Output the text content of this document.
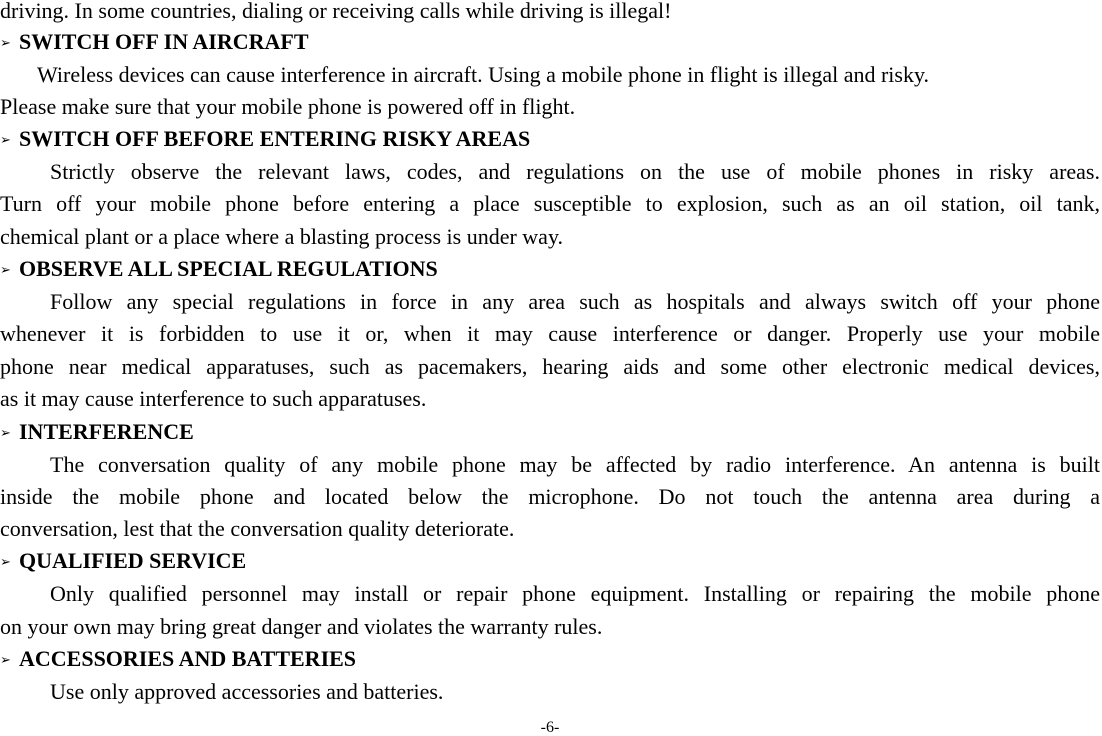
driving. In some countries, dialing or receiving calls while driving is illegal!
➢ SWITCH OFF IN AIRCRAFT
Wireless devices can cause interference in aircraft. Using a mobile phone in flight is illegal and risky.
Please make sure that your mobile phone is powered off in flight.
➢ SWITCH OFF BEFORE ENTERING RISKY AREAS
Strictly observe the relevant laws, codes, and regulations on the use of mobile phones in risky areas.
Turn off your mobile phone before entering a place susceptible to explosion, such as an oil station, oil tank,
chemical plant or a place where a blasting process is under way.
➢ OBSERVE ALL SPECIAL REGULATIONS
Follow any special regulations in force in any area such as hospitals and always switch off your phone
whenever it is forbidden to use it or, when it may cause interference or danger. Properly use your mobile
phone near medical apparatuses, such as pacemakers, hearing aids and some other electronic medical devices,
as it may cause interference to such apparatuses.
➢ INTERFERENCE
The conversation quality of any mobile phone may be affected by radio interference. An antenna is built
inside the mobile phone and located below the microphone. Do not touch the antenna area during a
conversation, lest that the conversation quality deteriorate.
➢ QUALIFIED SERVICE
Only qualified personnel may install or repair phone equipment. Installing or repairing the mobile phone
on your own may bring great danger and violates the warranty rules.
➢ ACCESSORIES AND BATTERIES
Use only approved accessories and batteries.
-6-
